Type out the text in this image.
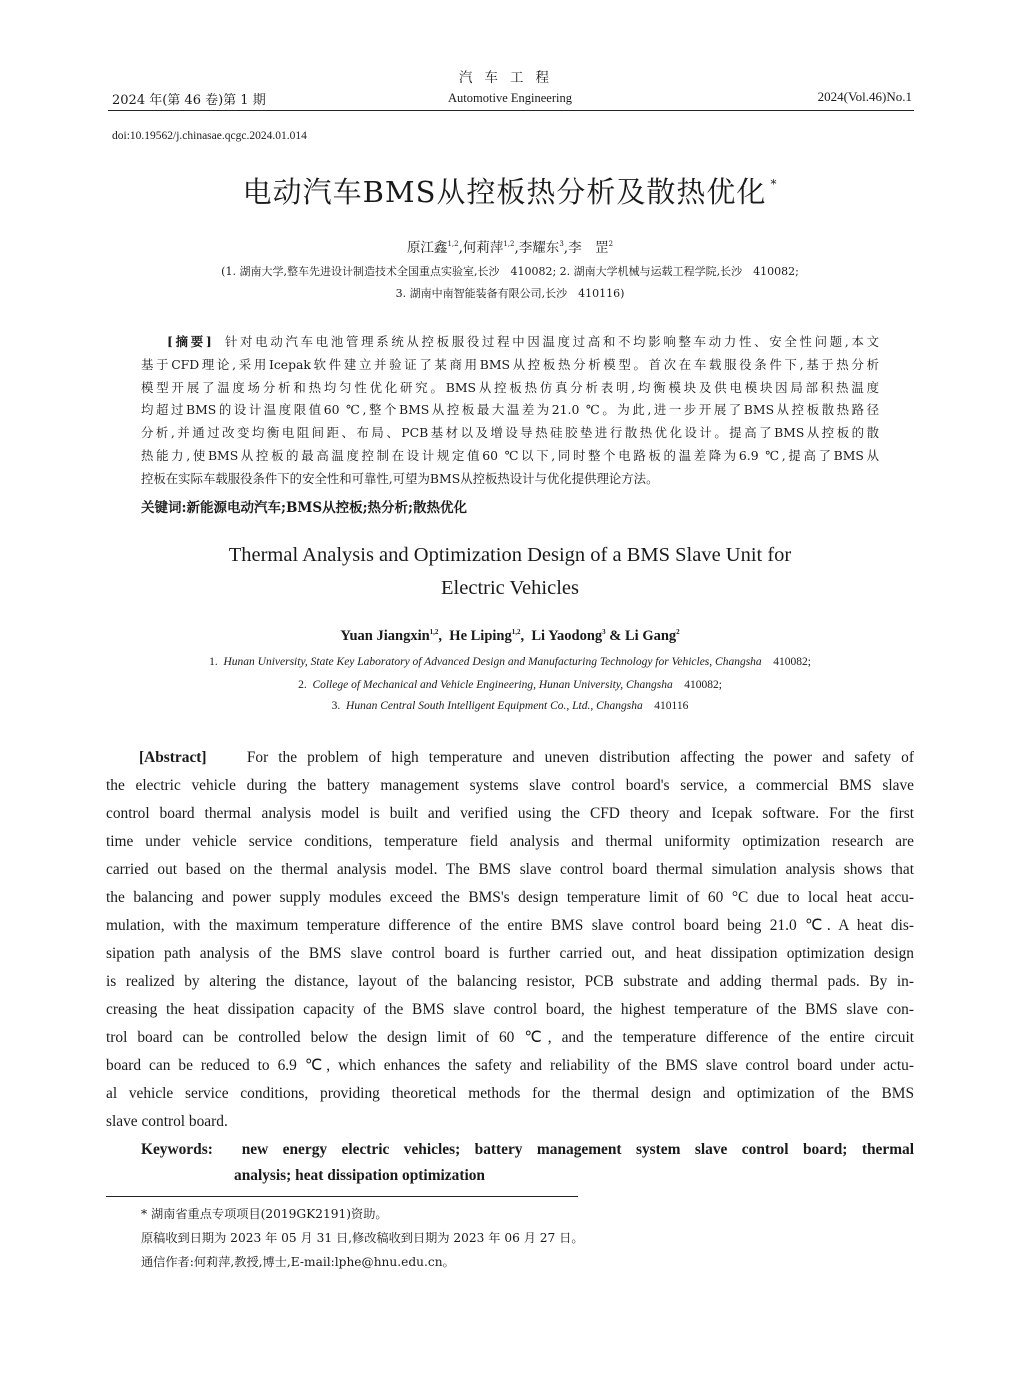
汽车工程
2024 年(第 46 卷)第 1 期	Automotive Engineering	2024(Vol.46)No.1
doi:10.19562/j.chinasae.qcgc.2024.01.014
电动汽车BMS从控板热分析及散热优化 *
原江鑫$^{1,2}$,何莉萍$^{1,2}$,李耀东$^3$,李　罡$^2$
(1. 湖南大学,整车先进设计制造技术全国重点实验室,长沙　410082; 2. 湖南大学机械与运载工程学院,长沙　410082;
3. 湖南中南智能装备有限公司,长沙　410116)
[摘要] 针对电动汽车电池管理系统从控板服役过程中因温度过高和不均影响整车动力性、安全性问题,本文
基于CFD理论,采用Icepak软件建立并验证了某商用BMS从控板热分析模型。首次在车载服役条件下,基于热分析
模型开展了温度场分析和热均匀性优化研究。BMS从控板热仿真分析表明,均衡模块及供电模块因局部积热温度
均超过BMS的设计温度限值60 ℃,整个BMS从控板最大温差为21.0 ℃。为此,进一步开展了BMS从控板散热路径
分析,并通过改变均衡电阻间距、布局、PCB基材以及增设导热硅胶垫进行散热优化设计。提高了BMS从控板的散
热能力,使BMS从控板的最高温度控制在设计规定值60 ℃以下,同时整个电路板的温差降为6.9 ℃,提高了BMS从
控板在实际车载服役条件下的安全性和可靠性,可望为BMS从控板热设计与优化提供理论方法。
关键词:新能源电动汽车;BMS从控板;热分析;散热优化
Thermal Analysis and Optimization Design of a BMS Slave Unit for
Electric Vehicles
Yuan Jiangxin$^{1,2}$,  He Liping$^{1,2}$,  Li Yaodong$^3$ & Li Gang$^2$
1. Hunan University, State Key Laboratory of Advanced Design and Manufacturing Technology for Vehicles, Changsha 410082;
2. College of Mechanical and Vehicle Engineering, Hunan University, Changsha 410082;
3. Hunan Central South Intelligent Equipment Co., Ltd., Changsha 410116
[Abstract]	For the problem of high temperature and uneven distribution affecting the power and safety of
the electric vehicle during the battery management systems slave control board's service, a commercial BMS slave
control board thermal analysis model is built and verified using the CFD theory and Icepak software. For the first
time under vehicle service conditions, temperature field analysis and thermal uniformity optimization research are
carried out based on the thermal analysis model. The BMS slave control board thermal simulation analysis shows that
the balancing and power supply modules exceed the BMS's design temperature limit of 60 °C due to local heat accu-
mulation, with the maximum temperature difference of the entire BMS slave control board being 21.0 ℃. A heat dis-
sipation path analysis of the BMS slave control board is further carried out, and heat dissipation optimization design
is realized by altering the distance, layout of the balancing resistor, PCB substrate and adding thermal pads. By in-
creasing the heat dissipation capacity of the BMS slave control board, the highest temperature of the BMS slave con-
trol board can be controlled below the design limit of 60 ℃, and the temperature difference of the entire circuit
board can be reduced to 6.9 ℃, which enhances the safety and reliability of the BMS slave control board under actu-
al vehicle service conditions, providing theoretical methods for the thermal design and optimization of the BMS
slave control board.
Keywords: new energy electric vehicles; battery management system slave control board; thermal
analysis; heat dissipation optimization
* 湖南省重点专项项目(2019GK2191)资助。
原稿收到日期为 2023 年 05 月 31 日,修改稿收到日期为 2023 年 06 月 27 日。
通信作者:何莉萍,教授,博士,E-mail:lphe@hnu.edu.cn。
